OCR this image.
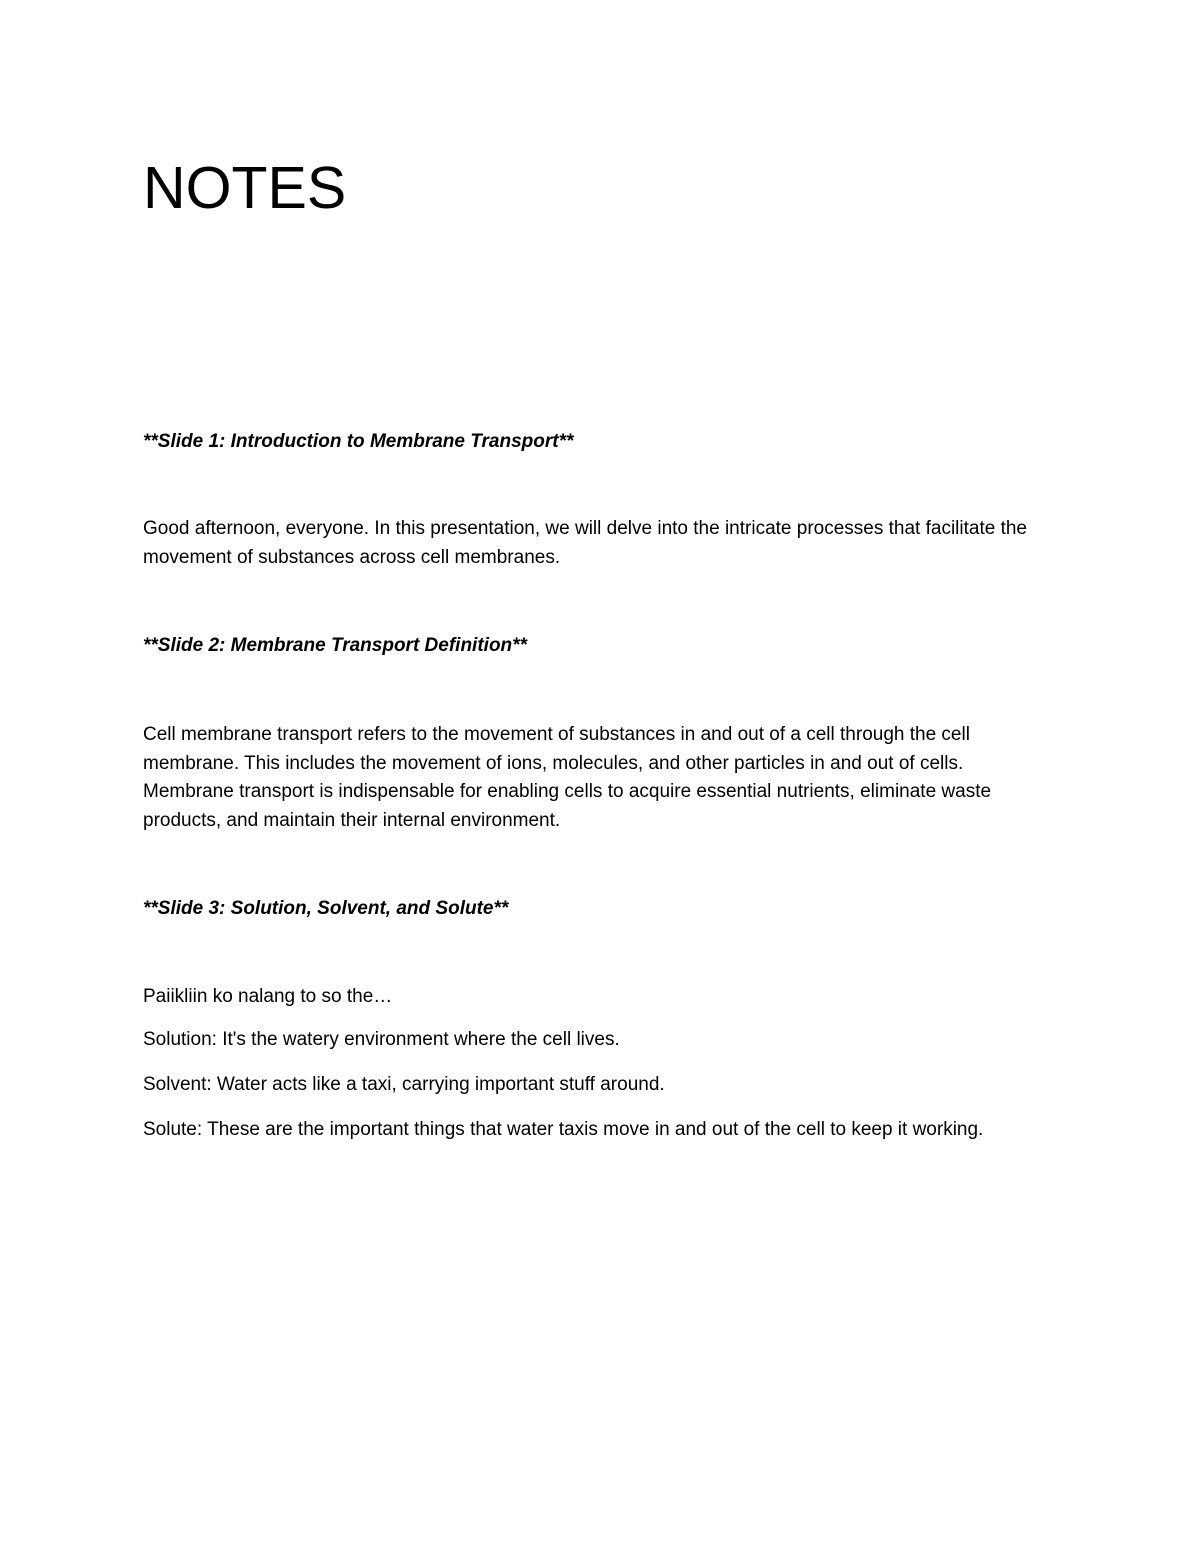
NOTES

**Slide 1: Introduction to Membrane Transport**

Good afternoon, everyone. In this presentation, we will delve into the intricate processes that facilitate the movement of substances across cell membranes.

**Slide 2: Membrane Transport Definition**

Cell membrane transport refers to the movement of substances in and out of a cell through the cell membrane. This includes the movement of ions, molecules, and other particles in and out of cells. Membrane transport is indispensable for enabling cells to acquire essential nutrients, eliminate waste products, and maintain their internal environment.

**Slide 3: Solution, Solvent, and Solute**

Paiikliin ko nalang to so the…

Solution: It's the watery environment where the cell lives.

Solvent: Water acts like a taxi, carrying important stuff around.

Solute: These are the important things that water taxis move in and out of the cell to keep it working.
